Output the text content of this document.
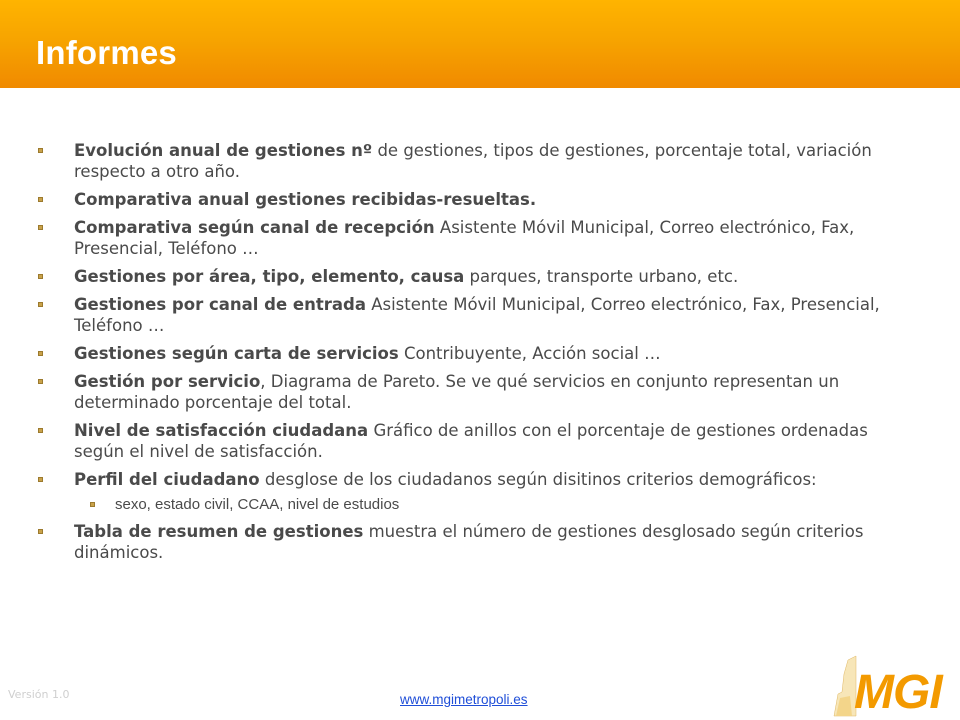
Informes
Evolución anual de gestiones nº de gestiones, tipos de gestiones, porcentaje total, variación respecto a otro año.
Comparativa anual gestiones recibidas-resueltas.
Comparativa según canal de recepción Asistente Móvil Municipal, Correo electrónico, Fax, Presencial, Teléfono …
Gestiones por área, tipo, elemento, causa parques, transporte urbano, etc.
Gestiones por canal de entrada Asistente Móvil Municipal, Correo electrónico, Fax, Presencial, Teléfono …
Gestiones según carta de servicios Contribuyente, Acción social …
Gestión por servicio, Diagrama de Pareto. Se ve qué servicios en conjunto representan un determinado porcentaje del total.
Nivel de satisfacción ciudadana Gráfico de anillos con el porcentaje de gestiones ordenadas según el nivel de satisfacción.
Perfil del ciudadano desglose de los ciudadanos según disitinos criterios demográficos:
sexo, estado civil, CCAA, nivel de estudios
Tabla de resumen de gestiones muestra el número de gestiones desglosado según criterios dinámicos.
Versión 1.0	www.mgimetropoli.es	MGI
